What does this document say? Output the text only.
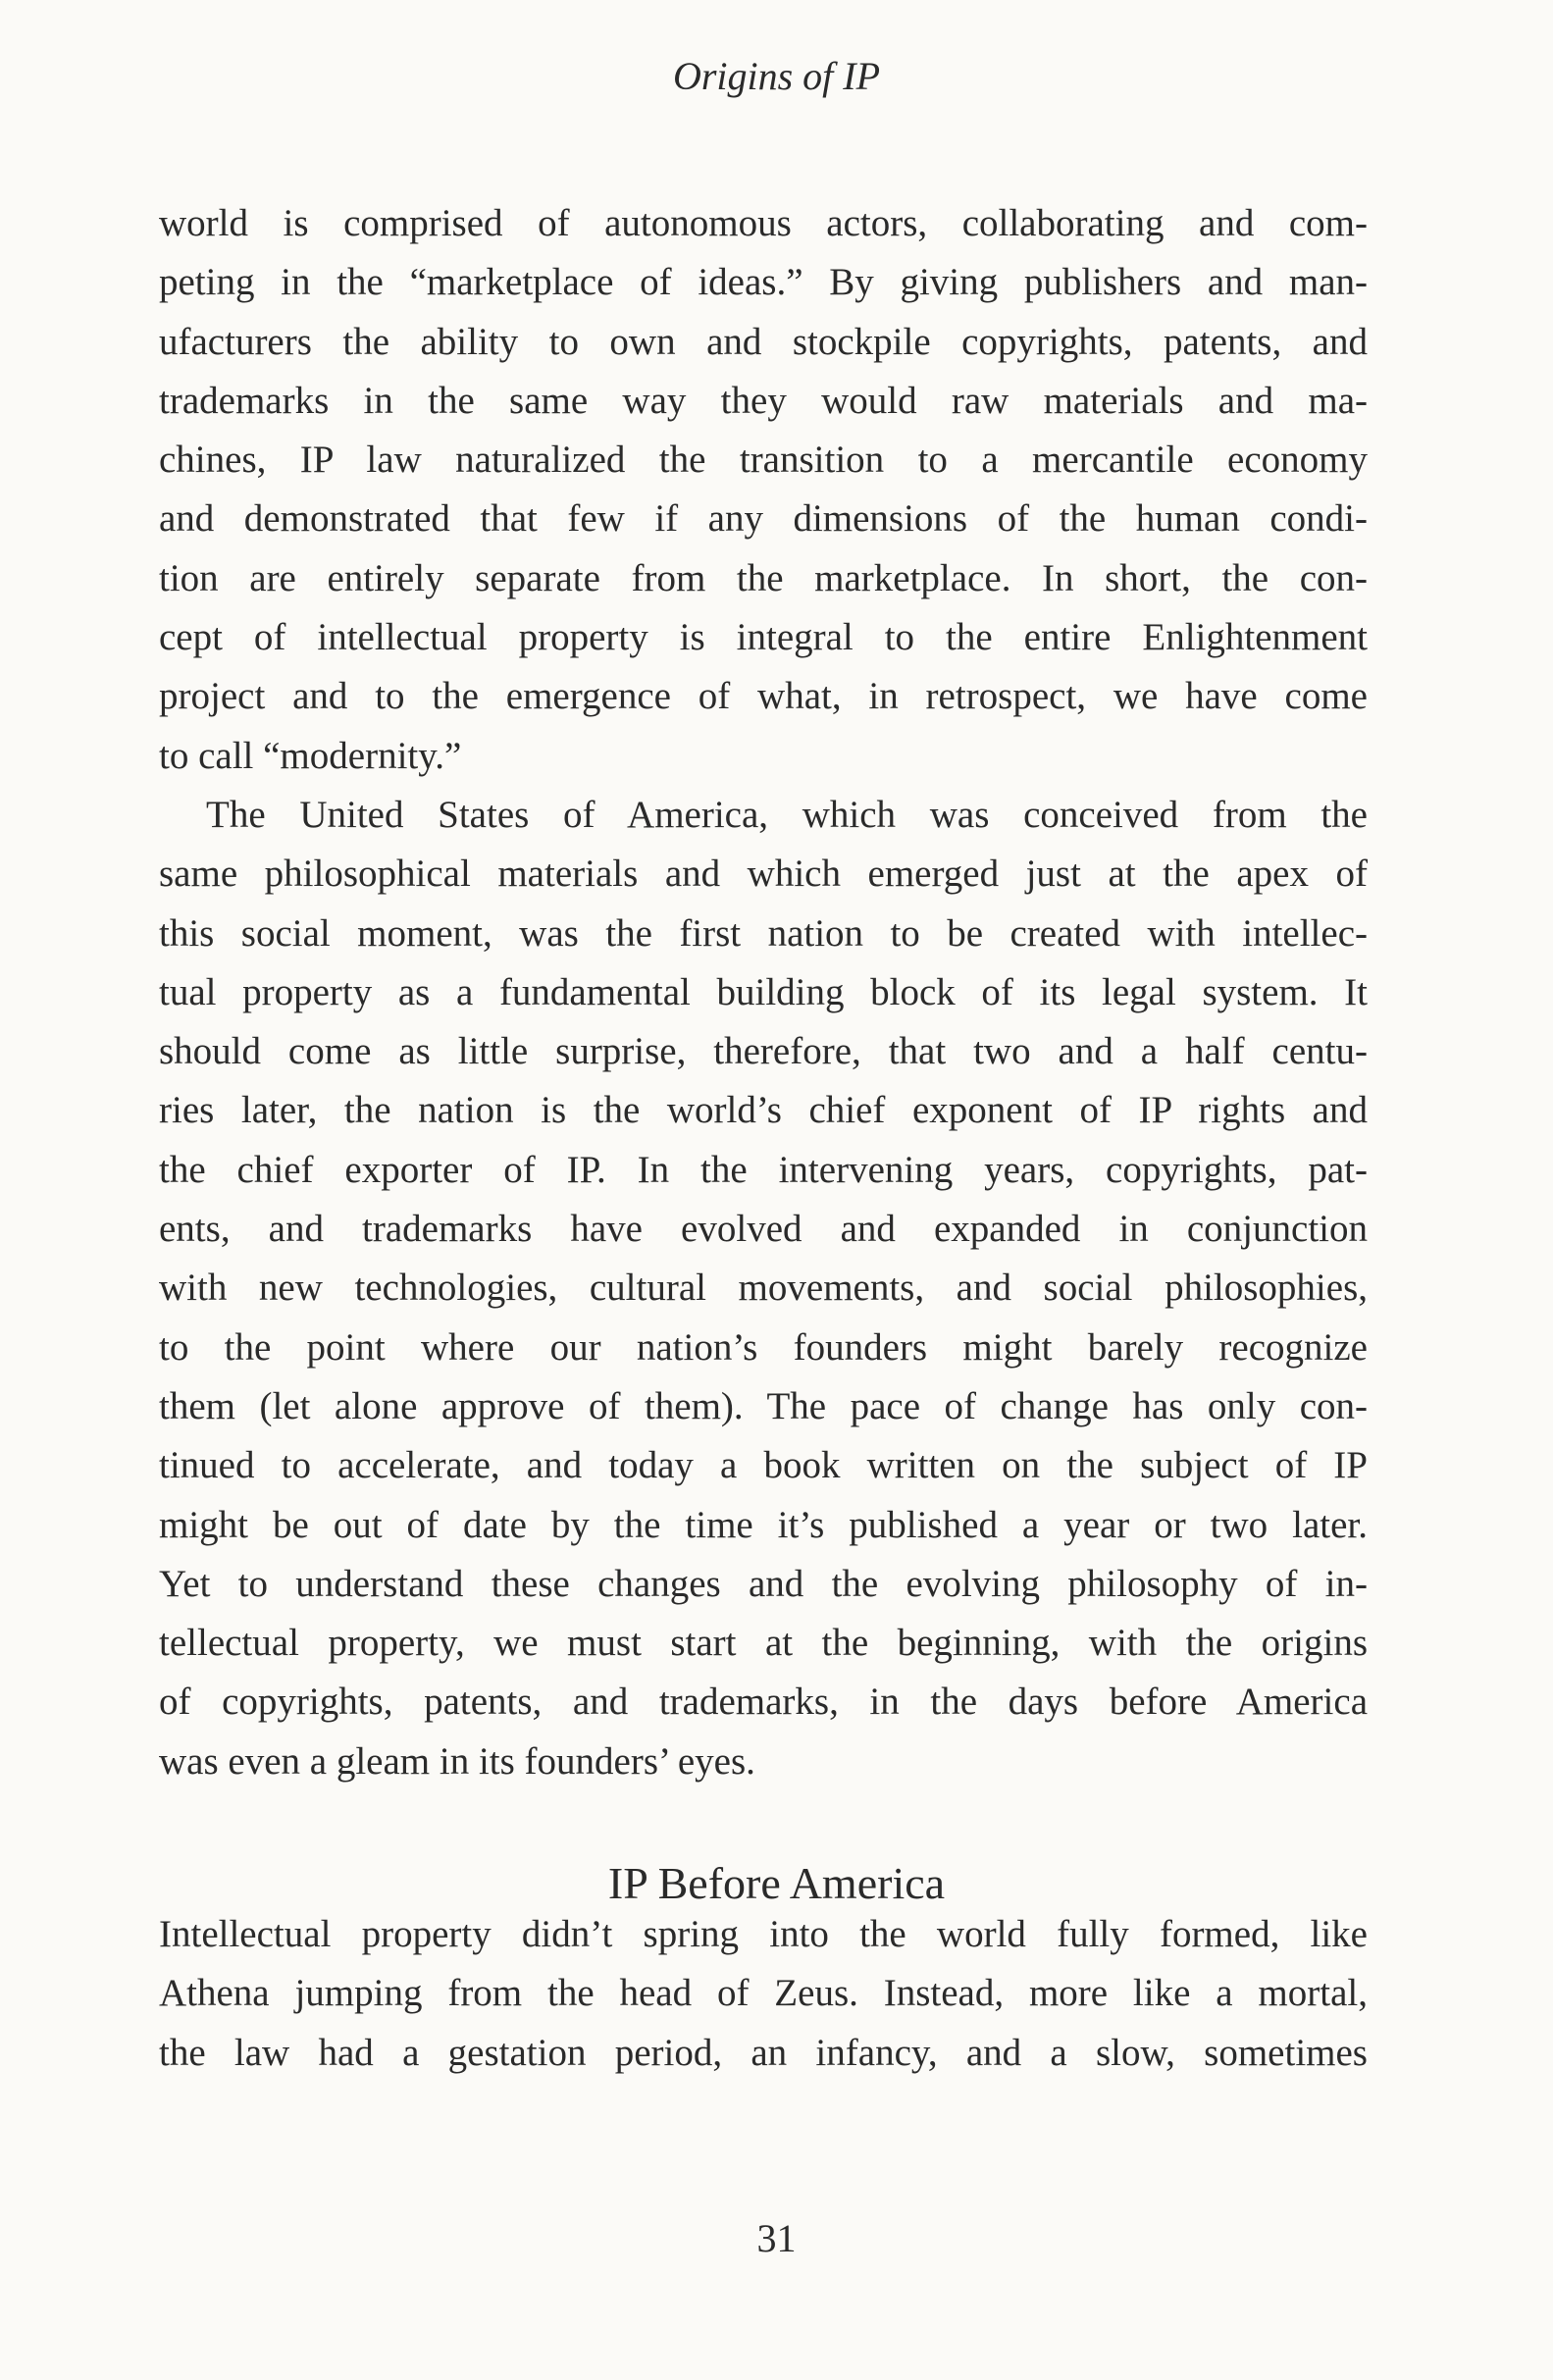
Origins of IP
world is comprised of autonomous actors, collaborating and com-
peting in the “marketplace of ideas.” By giving publishers and man-
ufacturers the ability to own and stockpile copyrights, patents, and
trademarks in the same way they would raw materials and ma-
chines, IP law naturalized the transition to a mercantile economy
and demonstrated that few if any dimensions of the human condi-
tion are entirely separate from the marketplace. In short, the con-
cept of intellectual property is integral to the entire Enlightenment
project and to the emergence of what, in retrospect, we have come
to call “modernity.”
The United States of America, which was conceived from the
same philosophical materials and which emerged just at the apex of
this social moment, was the first nation to be created with intellec-
tual property as a fundamental building block of its legal system. It
should come as little surprise, therefore, that two and a half centu-
ries later, the nation is the world’s chief exponent of IP rights and
the chief exporter of IP. In the intervening years, copyrights, pat-
ents, and trademarks have evolved and expanded in conjunction
with new technologies, cultural movements, and social philosophies,
to the point where our nation’s founders might barely recognize
them (let alone approve of them). The pace of change has only con-
tinued to accelerate, and today a book written on the subject of IP
might be out of date by the time it’s published a year or two later.
Yet to understand these changes and the evolving philosophy of in-
tellectual property, we must start at the beginning, with the origins
of copyrights, patents, and trademarks, in the days before America
was even a gleam in its founders’ eyes.
IP Before America
Intellectual property didn’t spring into the world fully formed, like
Athena jumping from the head of Zeus. Instead, more like a mortal,
the law had a gestation period, an infancy, and a slow, sometimes
31
